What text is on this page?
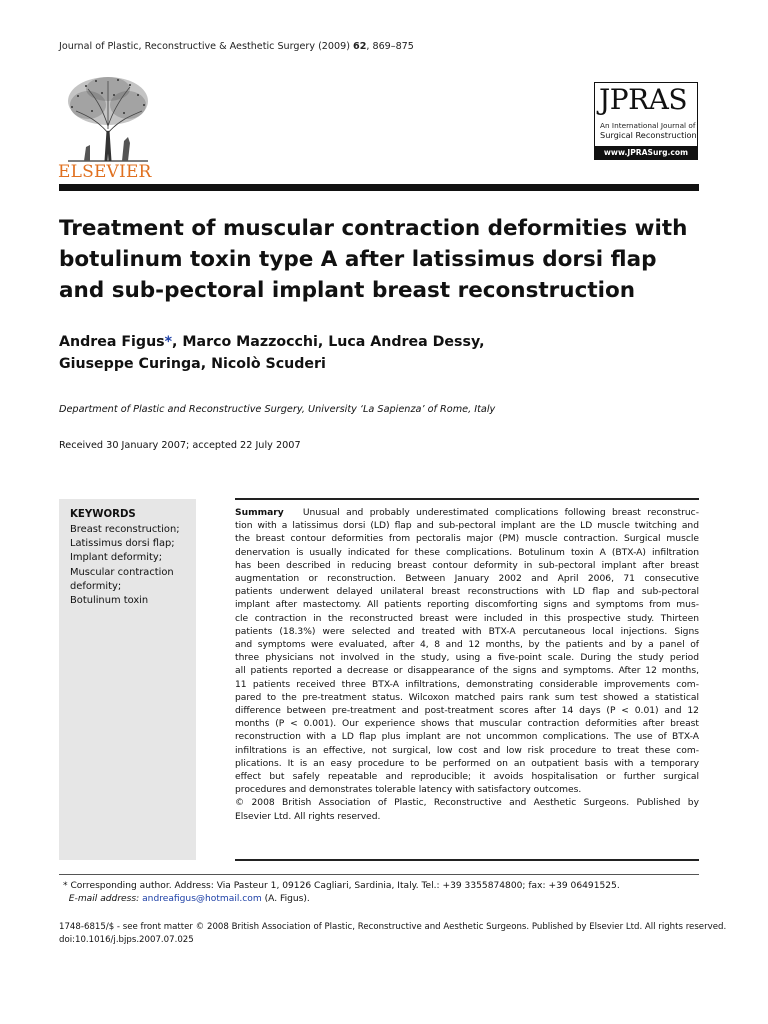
Journal of Plastic, Reconstructive & Aesthetic Surgery (2009) 62, 869–875
ELSEVIER
JPRAS
An International Journal of
Surgical Reconstruction
www.JPRASurg.com
Treatment of muscular contraction deformities with
botulinum toxin type A after latissimus dorsi flap
and sub-pectoral implant breast reconstruction
Andrea Figus*, Marco Mazzocchi, Luca Andrea Dessy,
Giuseppe Curinga, Nicolò Scuderi
Department of Plastic and Reconstructive Surgery, University ‘La Sapienza’ of Rome, Italy
Received 30 January 2007; accepted 22 July 2007
KEYWORDS
Breast reconstruction;
Latissimus dorsi flap;
Implant deformity;
Muscular contraction
deformity;
Botulinum toxin
Summary Unusual and probably underestimated complications following breast reconstruc-
tion with a latissimus dorsi (LD) flap and sub-pectoral implant are the LD muscle twitching and
the breast contour deformities from pectoralis major (PM) muscle contraction. Surgical muscle
denervation is usually indicated for these complications. Botulinum toxin A (BTX-A) infiltration
has been described in reducing breast contour deformity in sub-pectoral implant after breast
augmentation or reconstruction. Between January 2002 and April 2006, 71 consecutive
patients underwent delayed unilateral breast reconstructions with LD flap and sub-pectoral
implant after mastectomy. All patients reporting discomforting signs and symptoms from mus-
cle contraction in the reconstructed breast were included in this prospective study. Thirteen
patients (18.3%) were selected and treated with BTX-A percutaneous local injections. Signs
and symptoms were evaluated, after 4, 8 and 12 months, by the patients and by a panel of
three physicians not involved in the study, using a five-point scale. During the study period
all patients reported a decrease or disappearance of the signs and symptoms. After 12 months,
11 patients received three BTX-A infiltrations, demonstrating considerable improvements com-
pared to the pre-treatment status. Wilcoxon matched pairs rank sum test showed a statistical
difference between pre-treatment and post-treatment scores after 14 days (P < 0.01) and 12
months (P < 0.001). Our experience shows that muscular contraction deformities after breast
reconstruction with a LD flap plus implant are not uncommon complications. The use of BTX-A
infiltrations is an effective, not surgical, low cost and low risk procedure to treat these com-
plications. It is an easy procedure to be performed on an outpatient basis with a temporary
effect but safely repeatable and reproducible; it avoids hospitalisation or further surgical
procedures and demonstrates tolerable latency with satisfactory outcomes.
© 2008 British Association of Plastic, Reconstructive and Aesthetic Surgeons. Published by
Elsevier Ltd. All rights reserved.
* Corresponding author. Address: Via Pasteur 1, 09126 Cagliari, Sardinia, Italy. Tel.: +39 3355874800; fax: +39 06491525.
E-mail address: andreafigus@hotmail.com (A. Figus).
1748-6815/$ - see front matter © 2008 British Association of Plastic, Reconstructive and Aesthetic Surgeons. Published by Elsevier Ltd. All rights reserved.
doi:10.1016/j.bjps.2007.07.025
